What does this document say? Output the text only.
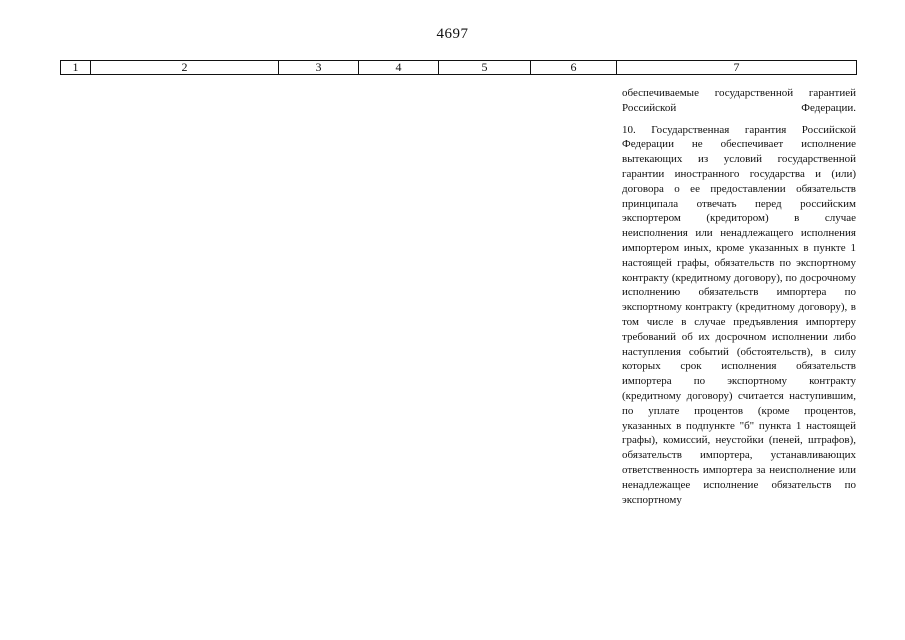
4697
1	2	3	4	5	6	7

обеспечиваемые государственной гарантией Российской Федерации.

10. Государственная гарантия Российской Федерации не обеспечивает исполнение вытекающих из условий государственной гарантии иностранного государства и (или) договора о ее предоставлении обязательств принципала отвечать перед российским экспортером (кредитором) в случае неисполнения или ненадлежащего исполнения импортером иных, кроме указанных в пункте 1 настоящей графы, обязательств по экспортному контракту (кредитному договору), по досрочному исполнению обязательств импортера по экспортному контракту (кредитному договору), в том числе в случае предъявления импортеру требований об их досрочном исполнении либо наступления событий (обстоятельств), в силу которых срок исполнения обязательств импортера по экспортному контракту (кредитному договору) считается наступившим, по уплате процентов (кроме процентов, указанных в подпункте "б" пункта 1 настоящей графы), комиссий, неустойки (пеней, штрафов), обязательств импортера, устанавливающих ответственность импортера за неисполнение или ненадлежащее исполнение обязательств по экспортному
